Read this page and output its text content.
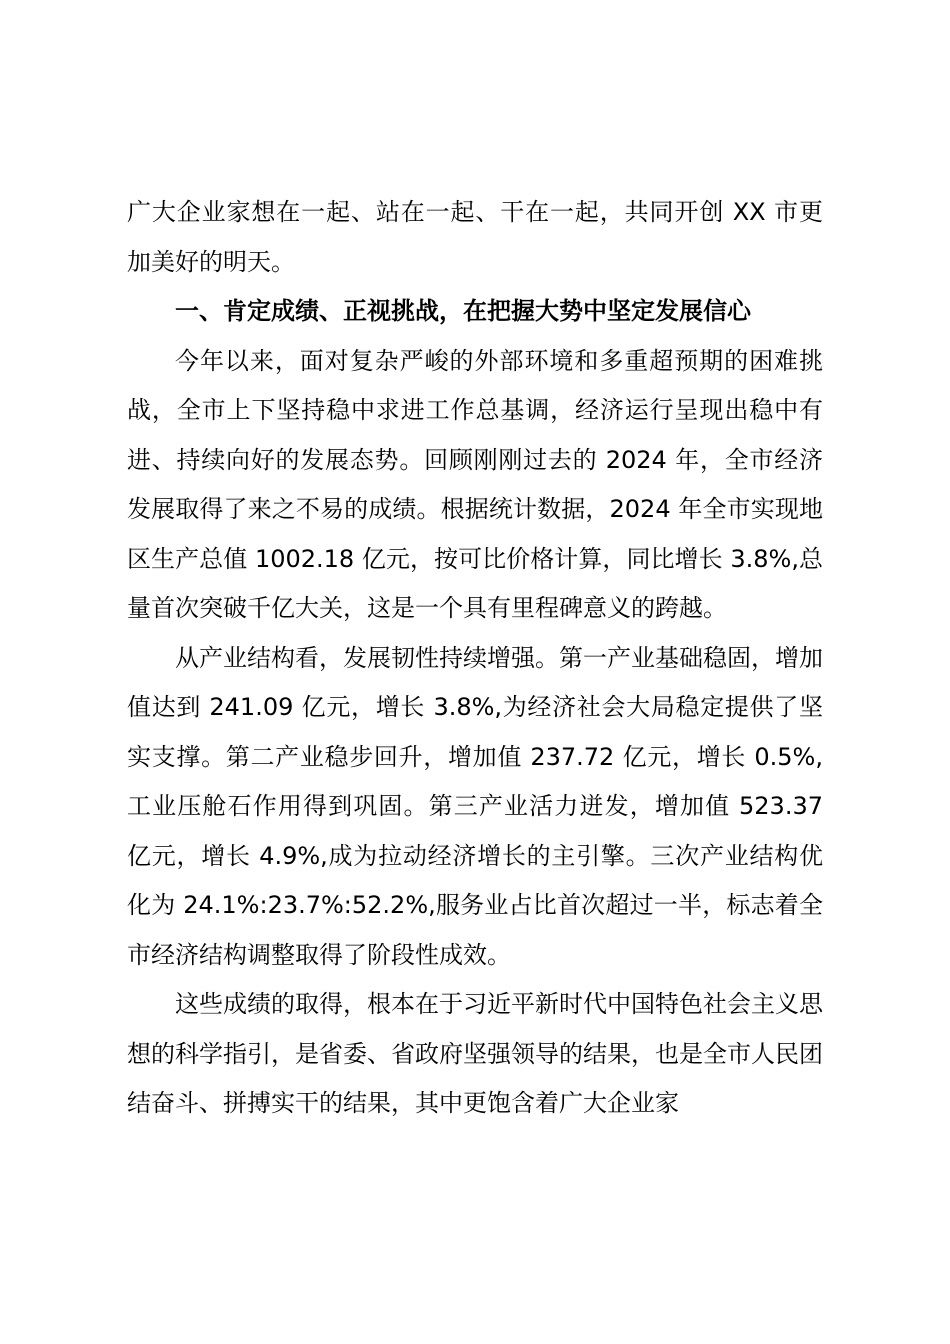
广大企业家想在一起、站在一起、干在一起，共同开创 XX 市更加美好的明天。

一、肯定成绩、正视挑战，在把握大势中坚定发展信心

今年以来，面对复杂严峻的外部环境和多重超预期的困难挑战，全市上下坚持稳中求进工作总基调，经济运行呈现出稳中有进、持续向好的发展态势。回顾刚刚过去的 2024 年，全市经济发展取得了来之不易的成绩。根据统计数据，2024 年全市实现地区生产总值 1002.18 亿元，按可比价格计算，同比增长 3.8%,总量首次突破千亿大关，这是一个具有里程碑意义的跨越。

从产业结构看，发展韧性持续增强。第一产业基础稳固，增加值达到 241.09 亿元，增长 3.8%,为经济社会大局稳定提供了坚实支撑。第二产业稳步回升，增加值 237.72 亿元，增长 0.5%,工业压舱石作用得到巩固。第三产业活力迸发，增加值 523.37 亿元，增长 4.9%,成为拉动经济增长的主引擎。三次产业结构优化为 24.1%:23.7%:52.2%,服务业占比首次超过一半，标志着全市经济结构调整取得了阶段性成效。

这些成绩的取得，根本在于习近平新时代中国特色社会主义思想的科学指引，是省委、省政府坚强领导的结果，也是全市人民团结奋斗、拼搏实干的结果，其中更饱含着广大企业家
